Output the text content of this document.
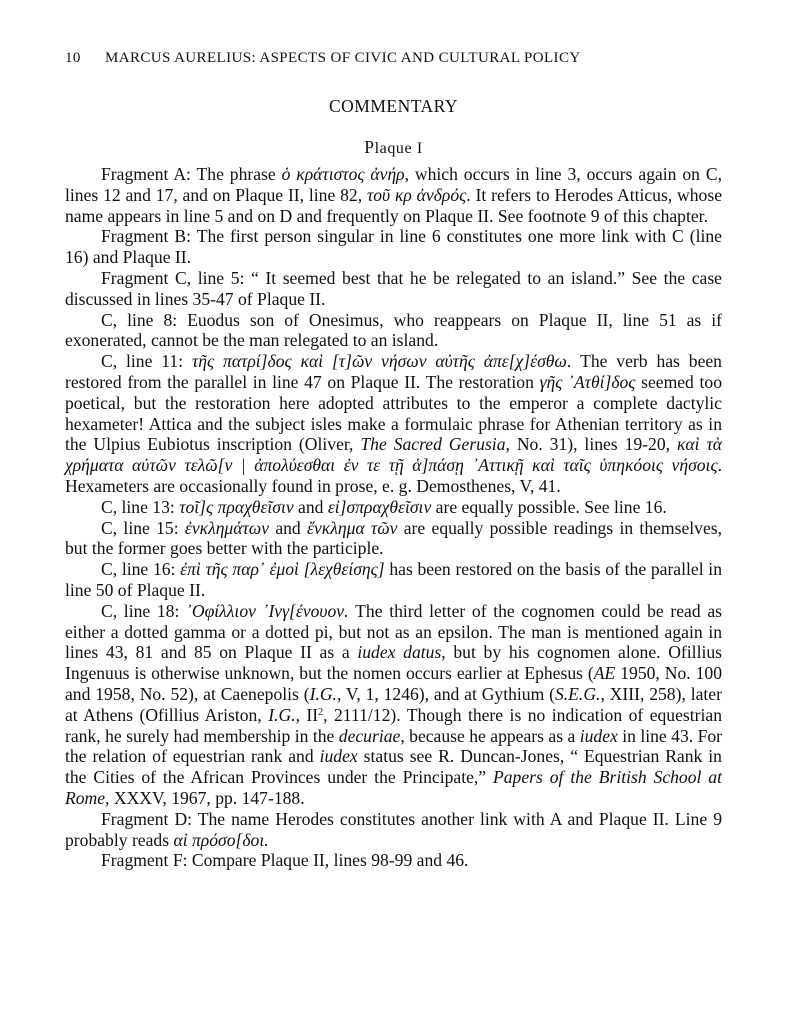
10 MARCUS AURELIUS: ASPECTS OF CIVIC AND CULTURAL POLICY
COMMENTARY
Plaque I

Fragment A: The phrase ὁ κράτιστος ἀνήρ, which occurs in line 3, occurs again on C, lines 12 and 17, and on Plaque II, line 82, τοῦ κρ ἀνδρός. It refers to Herodes Atticus, whose name appears in line 5 and on D and frequently on Plaque II. See footnote 9 of this chapter.

Fragment B: The first person singular in line 6 constitutes one more link with C (line 16) and Plaque II.

Fragment C, line 5: “ It seemed best that he be relegated to an island.” See the case discussed in lines 35-47 of Plaque II.

C, line 8: Euodus son of Onesimus, who reappears on Plaque II, line 51 as if exonerated, cannot be the man relegated to an island.

C, line 11: τῆς πατρί]δος καὶ [τ]ῶν νήσων αὐτῆς ἀπε[χ]έσθω. The verb has been restored from the parallel in line 47 on Plaque II. The restoration γῆς ᾿Ατθί]δος seemed too poetical, but the restoration here adopted attributes to the emperor a complete dactylic hexameter! Attica and the subject isles make a formulaic phrase for Athenian territory as in the Ulpius Eubiotus inscription (Oliver, The Sacred Gerusia, No. 31), lines 19-20, καὶ τὰ χρήματα αὐτῶν τελῶ[ν | ἀπολύεσθαι ἐν τε τῇ ἁ]πάσῃ ᾿Αττικῇ καὶ ταῖς ὑπηκόοις νήσοις. Hexameters are occasionally found in prose, e. g. Demosthenes, V, 41.

C, line 13: τοῖ]ς πραχθεῖσιν and εἰ]σπραχθεῖσιν are equally possible. See line 16.

C, line 15: ἐνκλημάτων and ἔνκλημα τῶν are equally possible readings in themselves, but the former goes better with the participle.

C, line 16: ἐπὶ τῆς παρ᾿ ἐμοὶ [λεχθείσης] has been restored on the basis of the parallel in line 50 of Plaque II.

C, line 18: ᾿Οφίλλιον ᾿Ινγ[ένουον. The third letter of the cognomen could be read as either a dotted gamma or a dotted pi, but not as an epsilon. The man is mentioned again in lines 43, 81 and 85 on Plaque II as a iudex datus, but by his cognomen alone. Ofillius Ingenuus is otherwise unknown, but the nomen occurs earlier at Ephesus (AE 1950, No. 100 and 1958, No. 52), at Caenepolis (I.G., V, 1, 1246), and at Gythium (S.E.G., XIII, 258), later at Athens (Ofillius Ariston, I.G., $II^2$, 2111/12). Though there is no indication of equestrian rank, he surely had membership in the decuriae, because he appears as a iudex in line 43. For the relation of equestrian rank and iudex status see R. Duncan-Jones, “ Equestrian Rank in the Cities of the African Provinces under the Principate,” Papers of the British School at Rome, XXXV, 1967, pp. 147-188.

Fragment D: The name Herodes constitutes another link with A and Plaque II. Line 9 probably reads αἱ πρόσο[δοι.

Fragment F: Compare Plaque II, lines 98-99 and 46.
